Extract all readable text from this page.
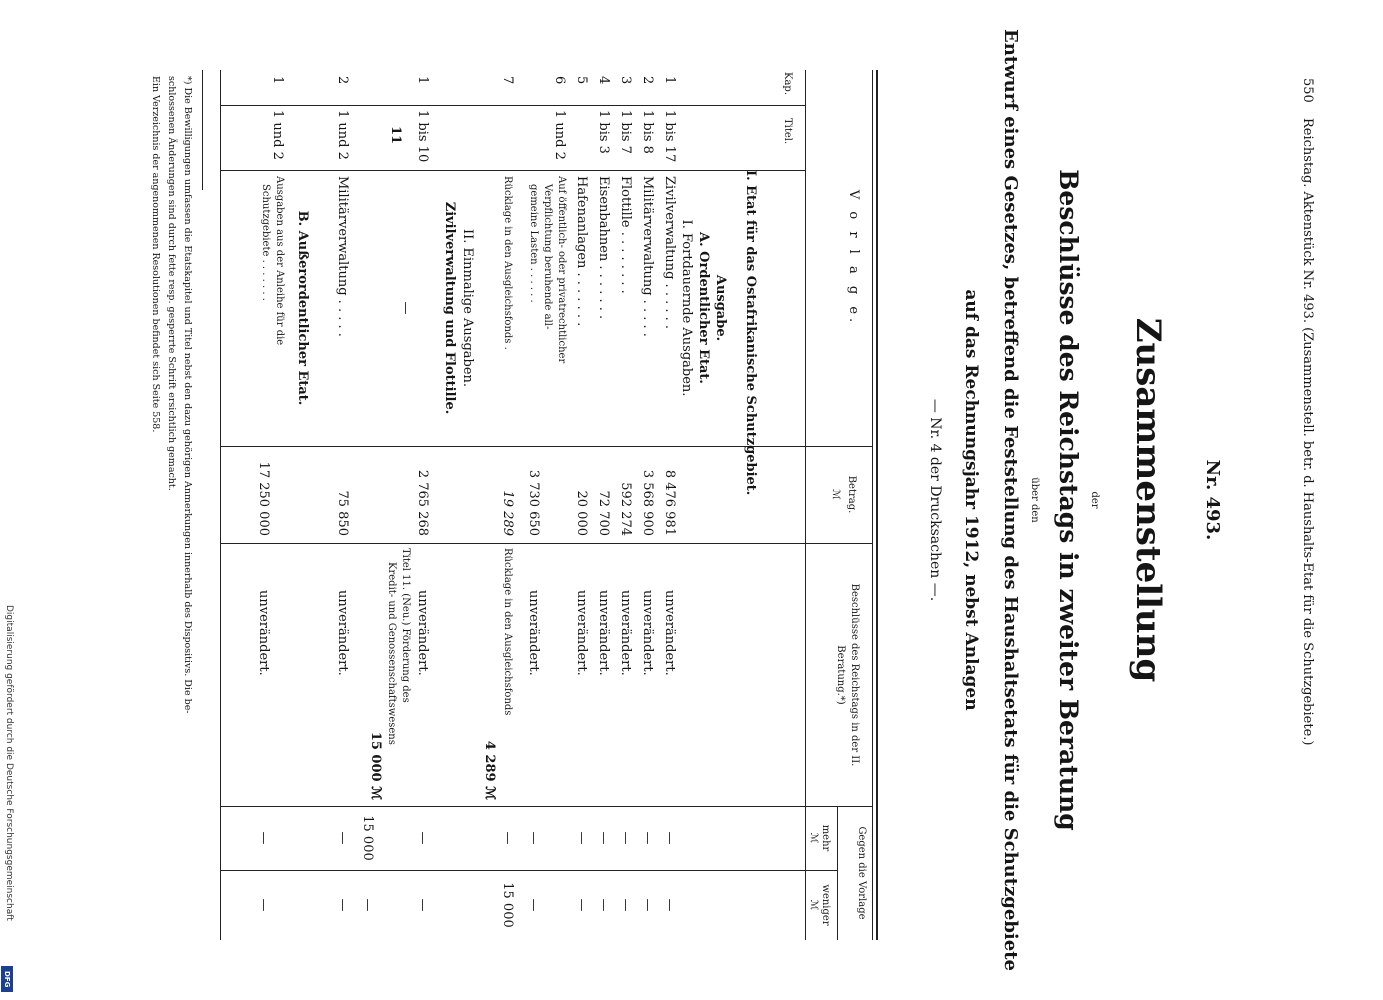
550
Reichstag. Aktenstück Nr. 493. (Zusammenstell. betr. d. Haushalts-Etat für die Schutzgebiete.)
Nr. 493.
Zusammenstellung
der
Beschlüsse des Reichstags in zweiter Beratung
über den
Entwurf eines Gesetzes, betreffend die Feststellung des Haushaltsetats für die Schutzgebiete
auf das Rechnungsjahr 1912, nebst Anlagen
— Nr. 4 der Drucksachen —.
V o r l a g e.
Kap.
Titel.
Betrag.
ℳ
Beschlüsse des Reichstags in der II. Beratung.*)
Gegen die Vorlage
mehr
weniger
ℳ
ℳ
I. Etat für das Ostafrikanische Schutzgebiet.
Ausgabe.
A. Ordentlicher Etat.
I. Fortdauernde Ausgaben.
1
1 bis 17
Zivilverwaltung . . . . . .
8 476 981
unverändert.
—
—
2
1 bis 8
Militärverwaltung . . . . .
3 568 900
unverändert.
—
—
3
1 bis 7
Flottille . . . . . . . .
592 274
unverändert.
—
—
4
1 bis 3
Eisenbahnen . . . . . . .
72 700
unverändert.
—
—
5
Hafenanlagen . . . . . . .
20 000
unverändert.
—
—
6
1 und 2
Auf öffentlich- oder privatrechtlicher
Verpflichtung beruhende all-
gemeine Lasten . . . . . .
3 730 650
unverändert.
—
—
7
Rücklage in den Ausgleichsfonds .
19 289
Rücklage in den Ausgleichsfonds
4 289 ℳ
—
15 000
II. Einmalige Ausgaben.
Zivilverwaltung und Flottille.
1
1 bis 10
2 765 268
unverändert.
—
—
11
—
Titel 11. (Neu.) Förderung des
Kredit- und Genossenschaftswesens
15 000 ℳ
15 000
—
2
1 und 2
Militärverwaltung . . . . .
75 850
unverändert.
—
—
B. Außerordentlicher Etat.
1
1 und 2
Ausgaben aus der Anleihe für die
Schutzgebiete . . . . . . .
17 250 000
unverändert.
—
—
*) Die Bewilligungen umfassen die Etatskapitel und Titel nebst den dazu gehörigen Anmerkungen innerhalb des Dispositivs. Die be-
schlossenen Änderungen sind durch fette resp. gesperrte Schrift ersichtlich gemacht.
Ein Verzeichnis der angenommenen Resolutionen befindet sich Seite 558.
Digitalisierung gefördert durch die Deutsche Forschungsgemeinschaft
DFG
